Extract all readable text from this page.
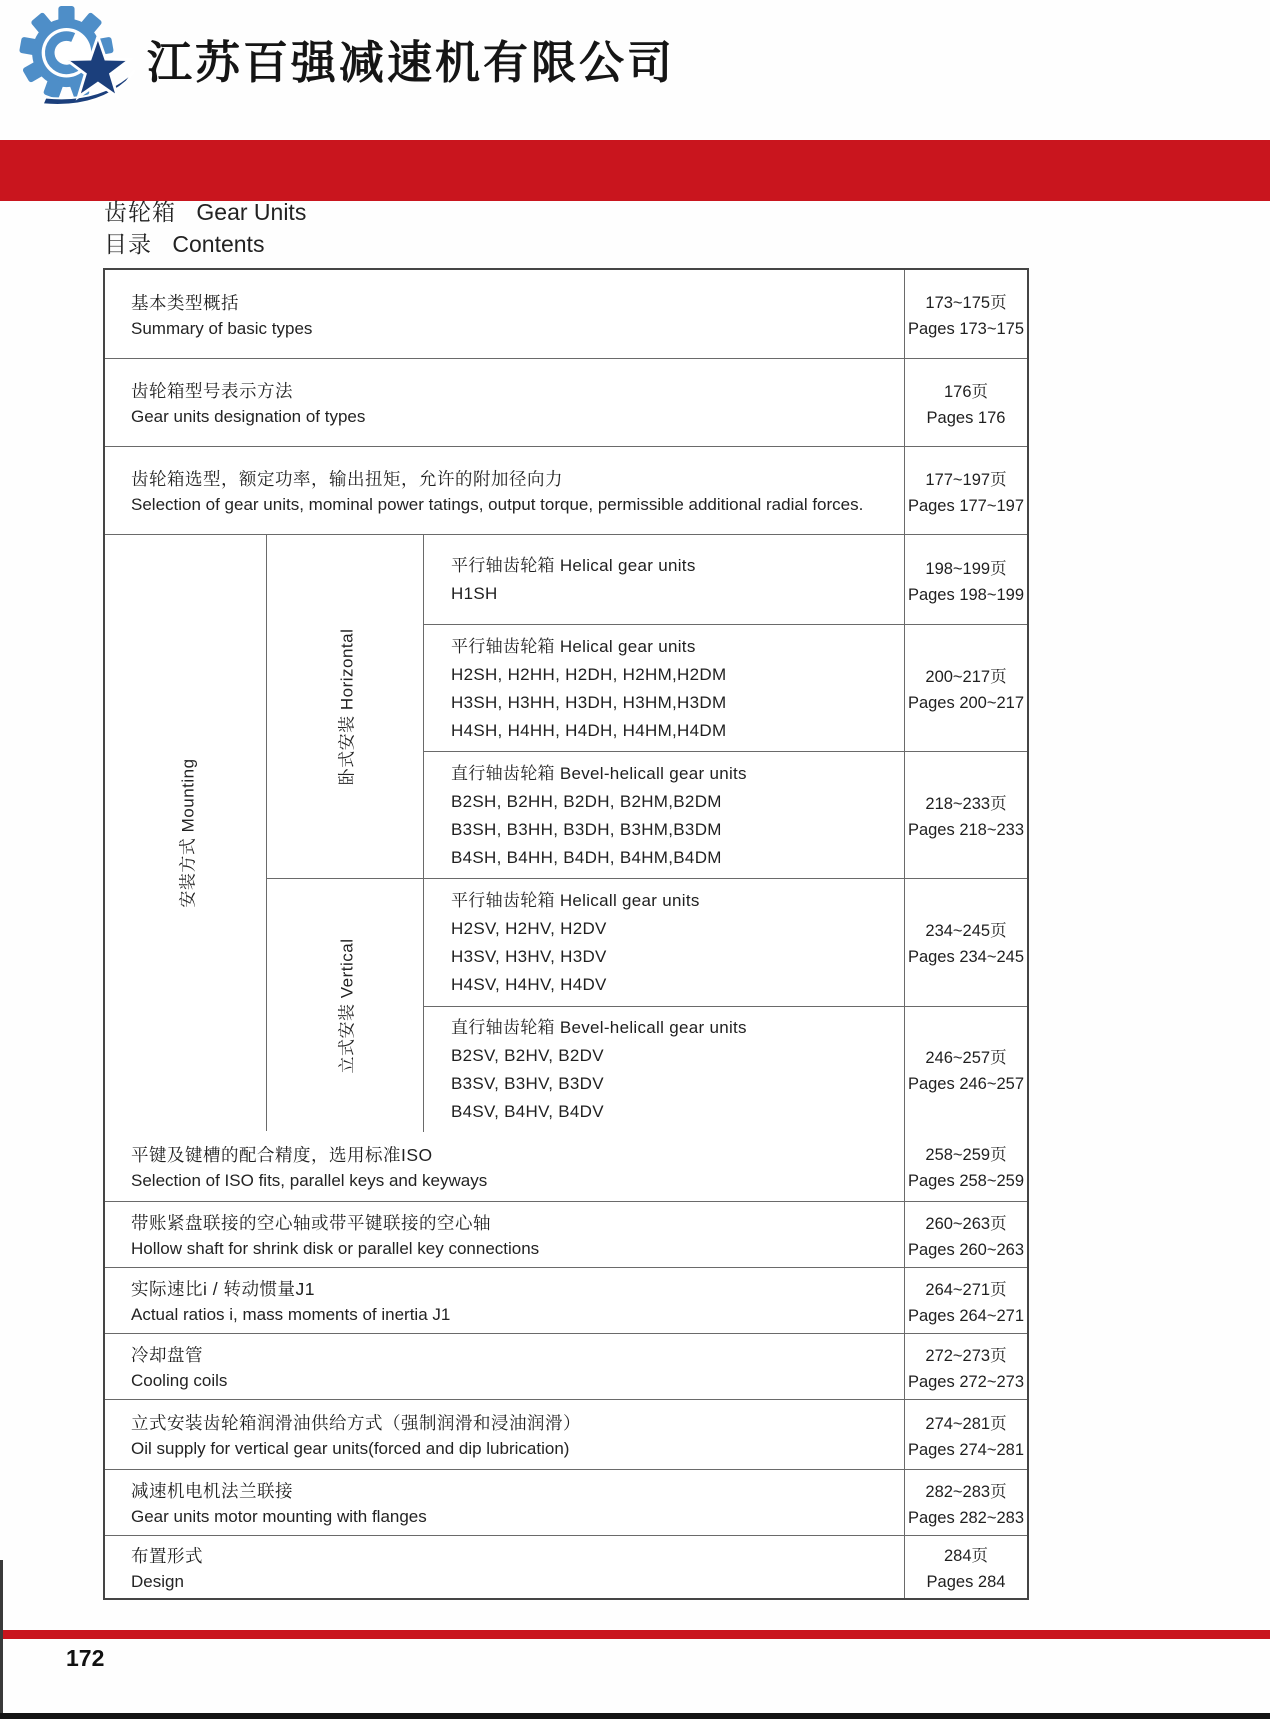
江苏百强减速机有限公司
齿轮箱 Gear Units
目录 Contents
基本类型概括
Summary of basic types
173~175页
Pages 173~175
齿轮箱型号表示方法
Gear units designation of types
176页
Pages 176
齿轮箱选型，额定功率，输出扭矩，允许的附加径向力
Selection of gear units, mominal power tatings, output torque, permissible additional radial forces.
177~197页
Pages 177~197
安装方式 Mounting
卧式安装 Horizontal
平行轴齿轮箱 Helical gear units
H1SH
198~199页
Pages 198~199
平行轴齿轮箱 Helical gear units
H2SH, H2HH, H2DH, H2HM,H2DM
H3SH, H3HH, H3DH, H3HM,H3DM
H4SH, H4HH, H4DH, H4HM,H4DM
200~217页
Pages 200~217
直行轴齿轮箱 Bevel-helicall gear units
B2SH, B2HH, B2DH, B2HM,B2DM
B3SH, B3HH, B3DH, B3HM,B3DM
B4SH, B4HH, B4DH, B4HM,B4DM
218~233页
Pages 218~233
立式安装 Vertical
平行轴齿轮箱 Helicall gear units
H2SV, H2HV, H2DV
H3SV, H3HV, H3DV
H4SV, H4HV, H4DV
234~245页
Pages 234~245
直行轴齿轮箱 Bevel-helicall gear units
B2SV, B2HV, B2DV
B3SV, B3HV, B3DV
B4SV, B4HV, B4DV
246~257页
Pages 246~257
平键及键槽的配合精度，选用标准ISO
Selection of ISO fits, parallel keys and keyways
258~259页
Pages 258~259
带账紧盘联接的空心轴或带平键联接的空心轴
Hollow shaft for shrink disk or parallel key connections
260~263页
Pages 260~263
实际速比i / 转动惯量J1
Actual ratios i, mass moments of inertia J1
264~271页
Pages 264~271
冷却盘管
Cooling coils
272~273页
Pages 272~273
立式安装齿轮箱润滑油供给方式（强制润滑和浸油润滑）
Oil supply for vertical gear units(forced and dip lubrication)
274~281页
Pages 274~281
减速机电机法兰联接
Gear units motor mounting with flanges
282~283页
Pages 282~283
布置形式
Design
284页
Pages 284
172
